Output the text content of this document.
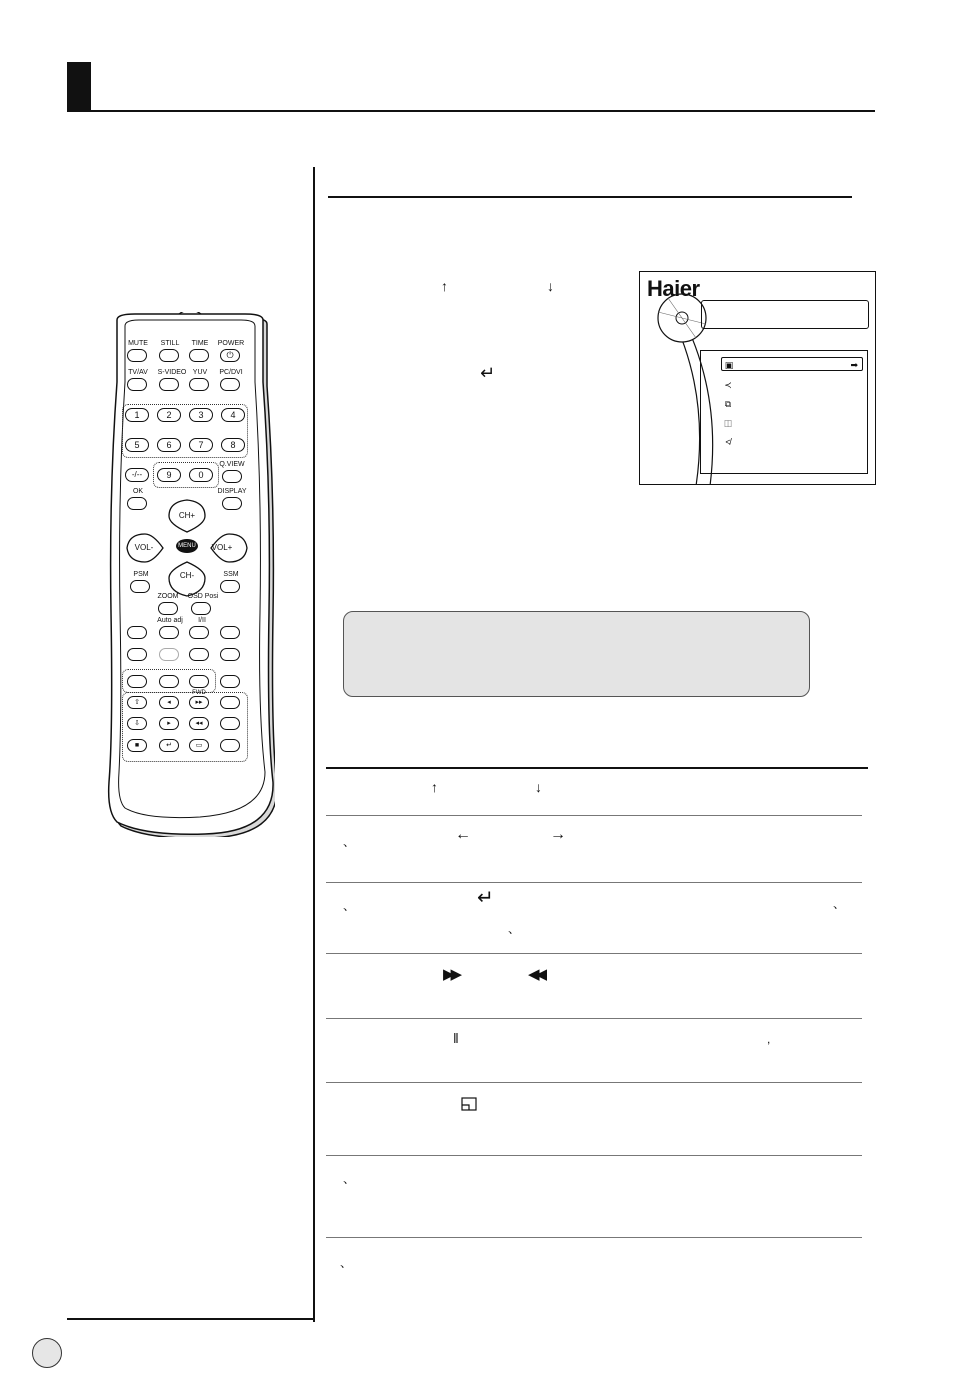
MUTE	STILL	TIME	POWER
⏻
TV/AV	S-VIDEO YUV	PC/DVI
1	2	3	4
5	6	7	8
-/--	9	0
Q.VIEW
OK	DISPLAY
CH+
CH-
VOL-	VOL+
MENU
PSM	SSM
ZOOM	OSD Posi
Auto adj	I/II
FWD
⇧	◂	▸▸
⇩	▸	◂◂
■	↵	▭
↑	↓
↵
Haier
▣	➡
≺
⧉
◫
≮
↑	↓
、	←	→
、	↵	、
、
▶▶	◀◀
‖	,
、
、
